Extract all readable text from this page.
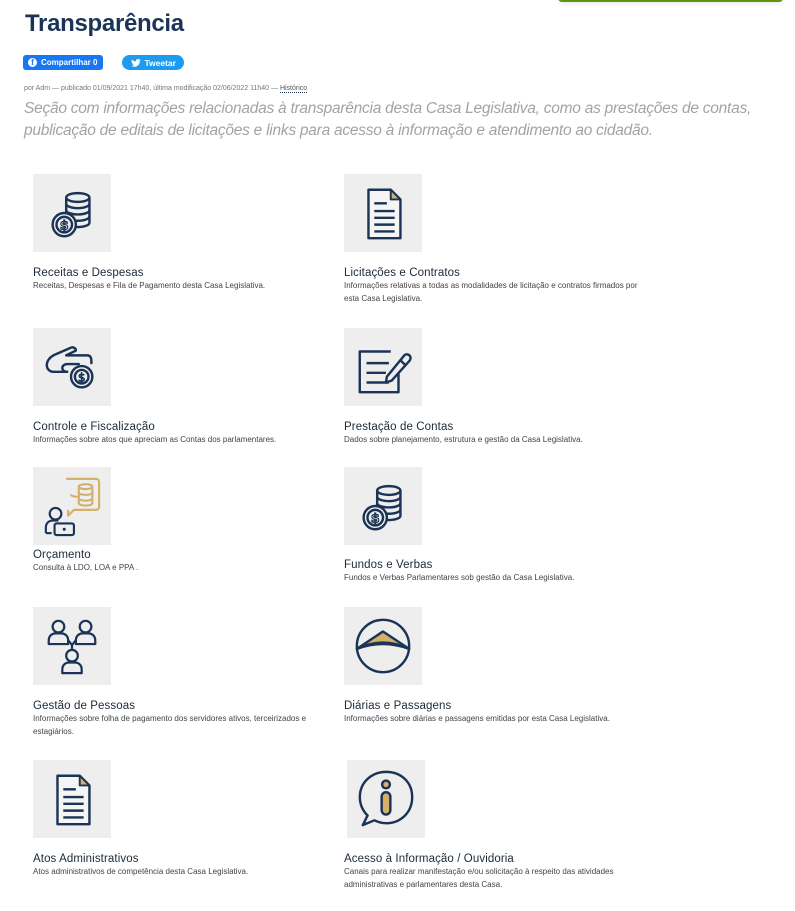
Transparência
f Compartilhar 0	Tweetar
por Adm — publicado 01/09/2021 17h40, última modificação 02/06/2022 11h40 — Histórico

Seção com informações relacionadas à transparência desta Casa Legislativa, como as prestações de contas, publicação de editais de licitações e links para acesso à informação e atendimento ao cidadão.

$
Receitas e Despesas
Receitas, Despesas e Fila de Pagamento desta Casa Legislativa.
Licitações e Contratos
Informações relativas a todas as modalidades de licitação e contratos firmados por esta Casa Legislativa.
$
Controle e Fiscalização
Informações sobre atos que apreciam as Contas dos parlamentares.
Prestação de Contas
Dados sobre planejamento, estrutura e gestão da Casa Legislativa.
Orçamento
Consulta à LDO, LOA e PPA .
$
Fundos e Verbas
Fundos e Verbas Parlamentares sob gestão da Casa Legislativa.
Gestão de Pessoas
Informações sobre folha de pagamento dos servidores ativos, terceirizados e estagiários.
Diárias e Passagens
Informações sobre diárias e passagens emitidas por esta Casa Legislativa.
Atos Administrativos
Atos administrativos de competência desta Casa Legislativa.
Acesso à Informação / Ouvidoria
Canais para realizar manifestação e/ou solicitação à respeito das atividades administrativas e parlamentares desta Casa.
